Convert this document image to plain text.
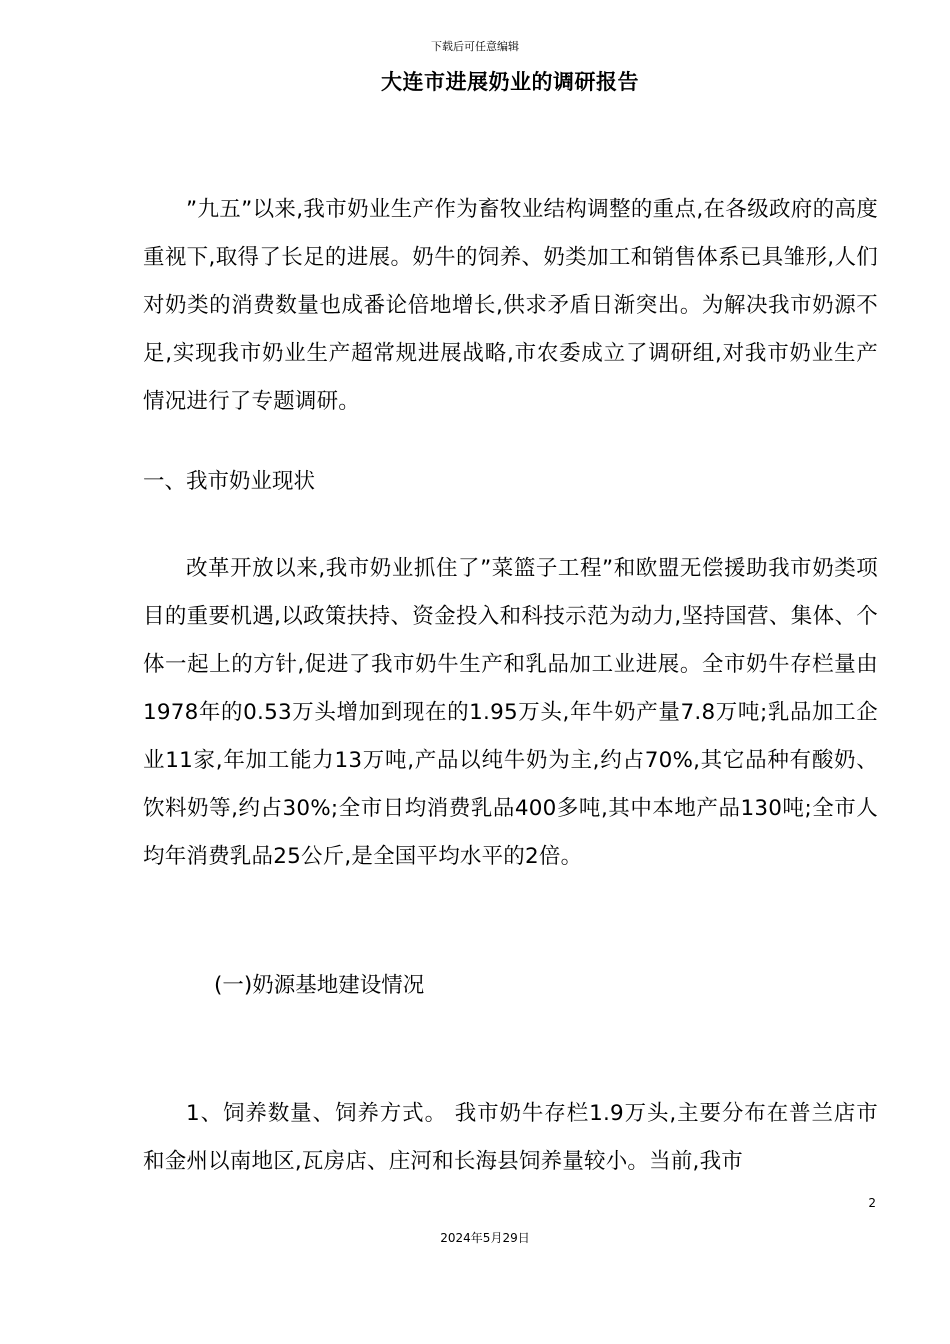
下载后可任意编辑
大连市进展奶业的调研报告

”九五”以来,我市奶业生产作为畜牧业结构调整的重点,在各级政府的高度重视下,取得了长足的进展。奶牛的饲养、奶类加工和销售体系已具雏形,人们对奶类的消费数量也成番论倍地增长,供求矛盾日渐突出。为解决我市奶源不足,实现我市奶业生产超常规进展战略,市农委成立了调研组,对我市奶业生产情况进行了专题调研。

一、我市奶业现状

改革开放以来,我市奶业抓住了”菜篮子工程”和欧盟无偿援助我市奶类项目的重要机遇,以政策扶持、资金投入和科技示范为动力,坚持国营、集体、个体一起上的方针,促进了我市奶牛生产和乳品加工业进展。全市奶牛存栏量由1978年的0.53万头增加到现在的1.95万头,年牛奶产量7.8万吨;乳品加工企业11家,年加工能力13万吨,产品以纯牛奶为主,约占70%,其它品种有酸奶、饮料奶等,约占30%;全市日均消费乳品400多吨,其中本地产品130吨;全市人均年消费乳品25公斤,是全国平均水平的2倍。

(一)奶源基地建设情况

1、饲养数量、饲养方式。 我市奶牛存栏1.9万头,主要分布在普兰店市和金州以南地区,瓦房店、庄河和长海县饲养量较小。当前,我市

2
2024年5月29日
